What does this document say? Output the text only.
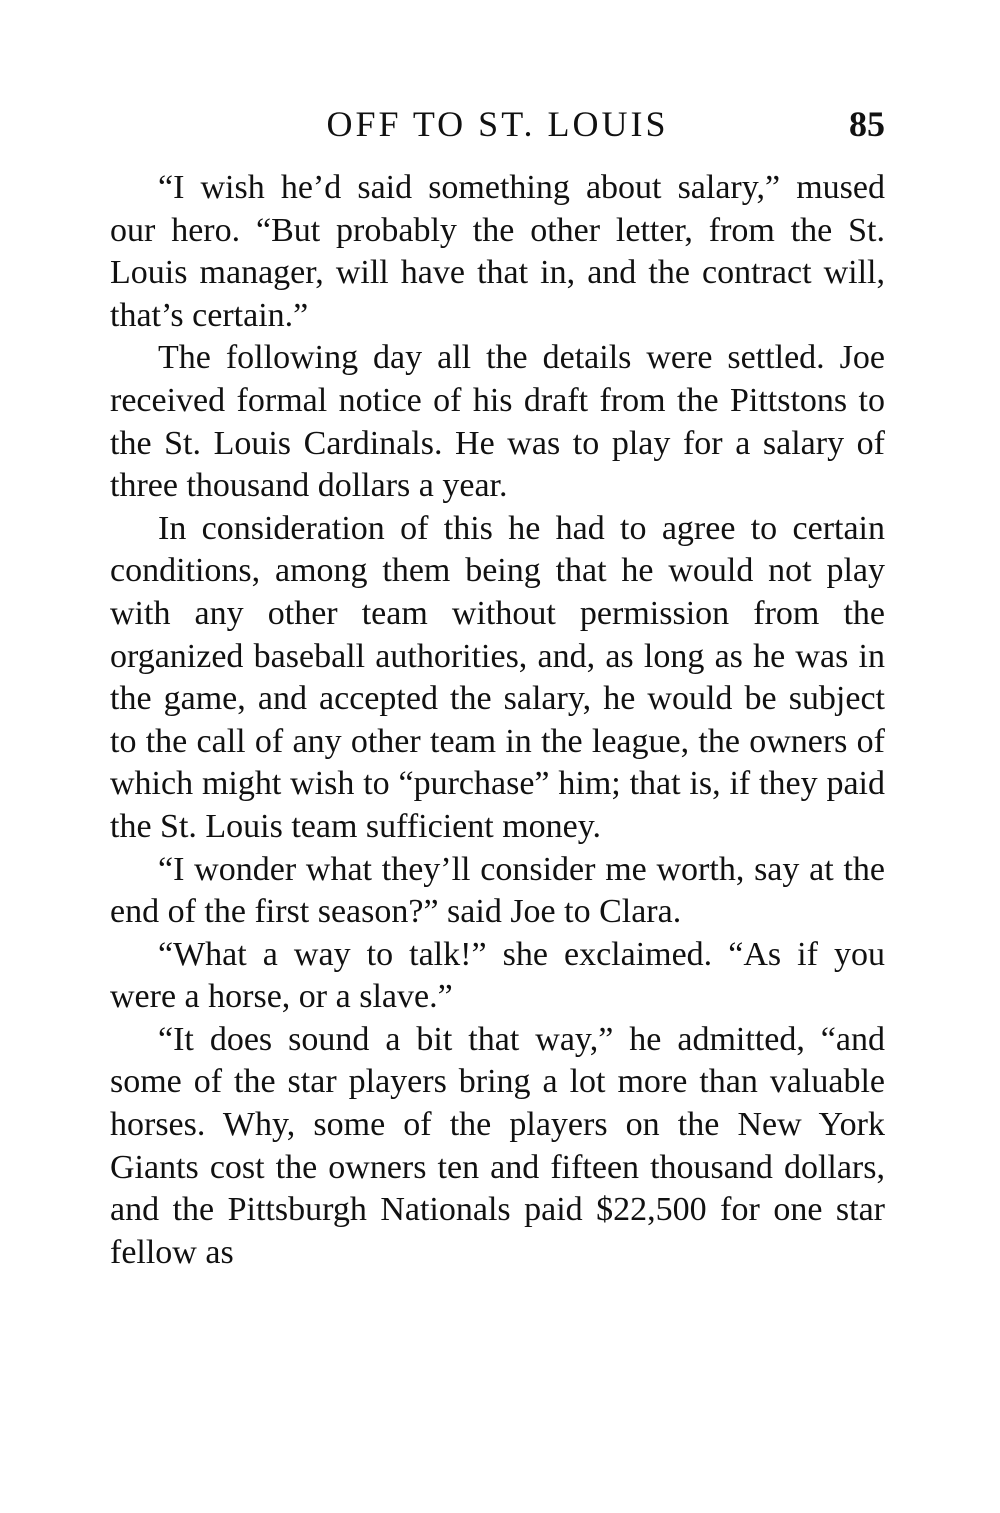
OFF TO ST. LOUIS	85

“I wish he’d said something about salary,” mused our hero. “But probably the other letter, from the St. Louis manager, will have that in, and the contract will, that’s certain.”

The following day all the details were settled. Joe received formal notice of his draft from the Pittstons to the St. Louis Cardinals. He was to play for a salary of three thousand dollars a year.

In consideration of this he had to agree to certain conditions, among them being that he would not play with any other team without permission from the organized baseball authorities, and, as long as he was in the game, and accepted the salary, he would be subject to the call of any other team in the league, the owners of which might wish to “purchase” him; that is, if they paid the St. Louis team sufficient money.

“I wonder what they’ll consider me worth, say at the end of the first season?” said Joe to Clara.

“What a way to talk!” she exclaimed. “As if you were a horse, or a slave.”

“It does sound a bit that way,” he admitted, “and some of the star players bring a lot more than valuable horses. Why, some of the players on the New York Giants cost the owners ten and fifteen thousand dollars, and the Pittsburgh Nationals paid $22,500 for one star fellow as
